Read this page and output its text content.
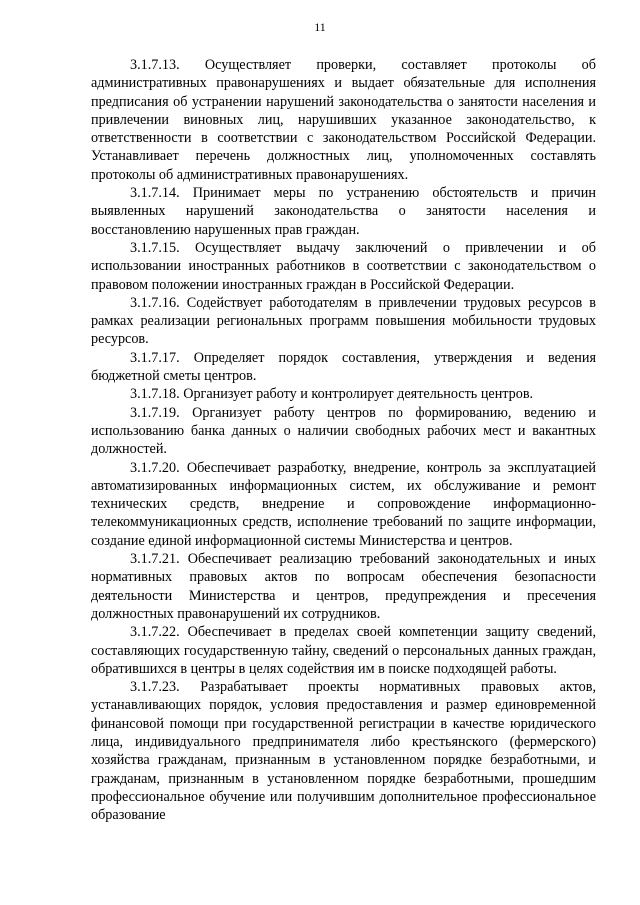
11

3.1.7.13. Осуществляет проверки, составляет протоколы об административных правонарушениях и выдает обязательные для исполнения предписания об устранении нарушений законодательства о занятости населения и привлечении виновных лиц, нарушивших указанное законодательство, к ответственности в соответствии с законодательством Российской Федерации. Устанавливает перечень должностных лиц, уполномоченных составлять протоколы об административных правонарушениях.

3.1.7.14. Принимает меры по устранению обстоятельств и причин выявленных нарушений законодательства о занятости населения и восстановлению нарушенных прав граждан.

3.1.7.15. Осуществляет выдачу заключений о привлечении и об использовании иностранных работников в соответствии с законодательством о правовом положении иностранных граждан в Российской Федерации.

3.1.7.16. Содействует работодателям в привлечении трудовых ресурсов в рамках реализации региональных программ повышения мобильности трудовых ресурсов.

3.1.7.17. Определяет порядок составления, утверждения и ведения бюджетной сметы центров.

3.1.7.18. Организует работу и контролирует деятельность центров.

3.1.7.19. Организует работу центров по формированию, ведению и использованию банка данных о наличии свободных рабочих мест и вакантных должностей.

3.1.7.20. Обеспечивает разработку, внедрение, контроль за эксплуатацией автоматизированных информационных систем, их обслуживание и ремонт технических средств, внедрение и сопровождение информационно-телекоммуникационных средств, исполнение требований по защите информации, создание единой информационной системы Министерства и центров.

3.1.7.21. Обеспечивает реализацию требований законодательных и иных нормативных правовых актов по вопросам обеспечения безопасности деятельности Министерства и центров, предупреждения и пресечения должностных правонарушений их сотрудников.

3.1.7.22. Обеспечивает в пределах своей компетенции защиту сведений, составляющих государственную тайну, сведений о персональных данных граждан, обратившихся в центры в целях содействия им в поиске подходящей работы.

3.1.7.23. Разрабатывает проекты нормативных правовых актов, устанавливающих порядок, условия предоставления и размер единовременной финансовой помощи при государственной регистрации в качестве юридического лица, индивидуального предпринимателя либо крестьянского (фермерского) хозяйства гражданам, признанным в установленном порядке безработными, и гражданам, признанным в установленном порядке безработными, прошедшим профессиональное обучение или получившим дополнительное профессиональное образование
